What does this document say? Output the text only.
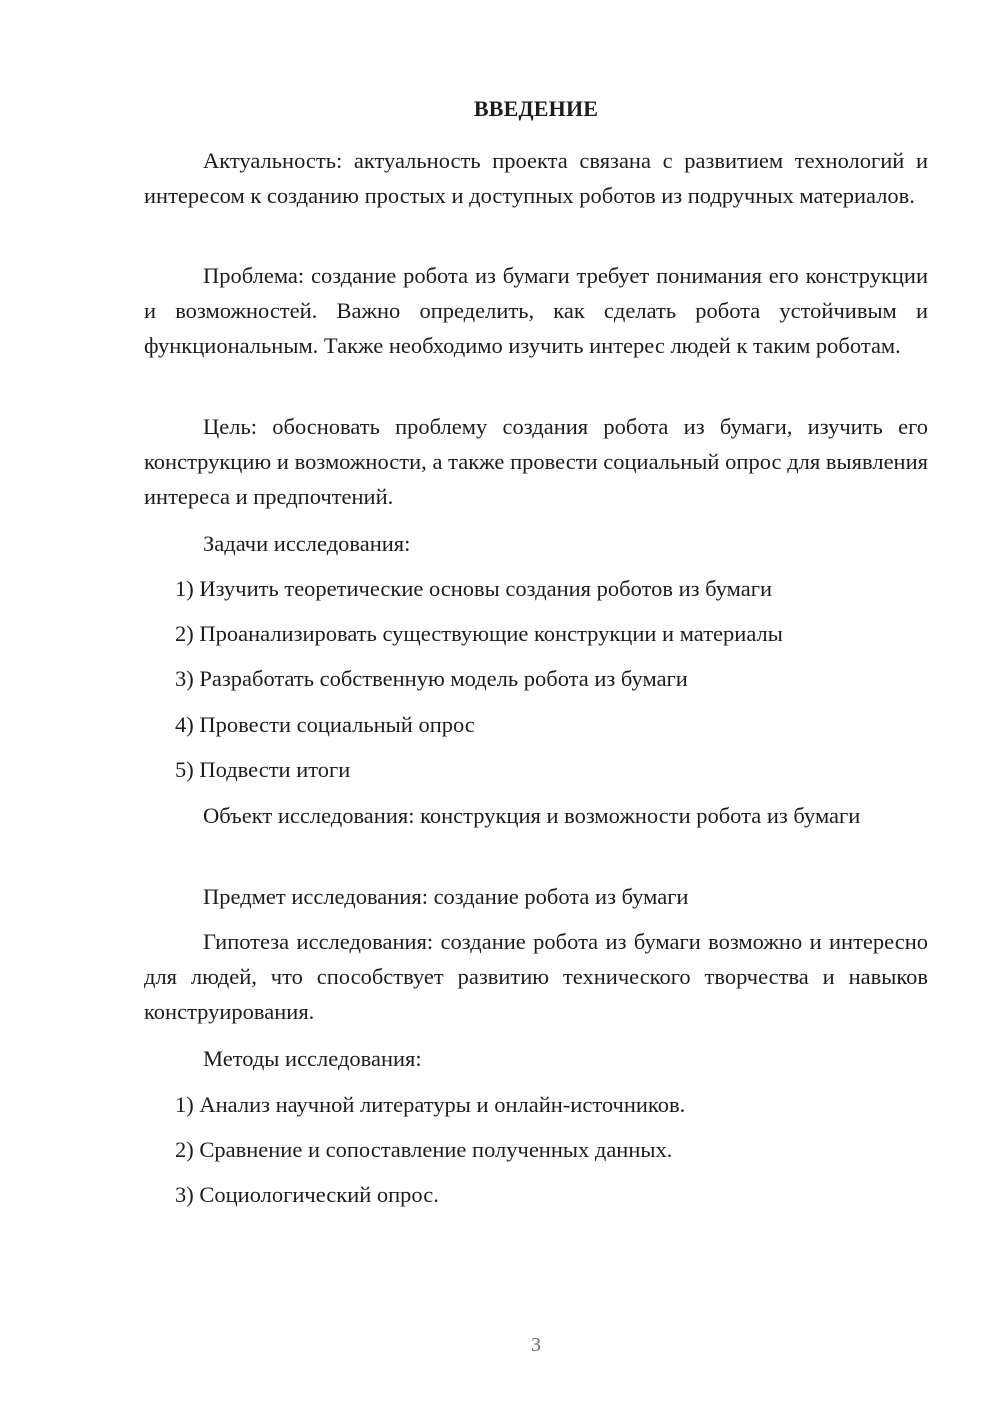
ВВЕДЕНИЕ
Актуальность: актуальность проекта связана с развитием технологий и интересом к созданию простых и доступных роботов из подручных материалов.
Проблема: создание робота из бумаги требует понимания его конструкции и возможностей. Важно определить, как сделать робота устойчивым и функциональным. Также необходимо изучить интерес людей к таким роботам.
Цель: обосновать проблему создания робота из бумаги, изучить его конструкцию и возможности, а также провести социальный опрос для выявления интереса и предпочтений.
Задачи исследования:
1) Изучить теоретические основы создания роботов из бумаги
2) Проанализировать существующие конструкции и материалы
3) Разработать собственную модель робота из бумаги
4) Провести социальный опрос
5) Подвести итоги
Объект исследования: конструкция и возможности робота из бумаги
Предмет исследования: создание робота из бумаги
Гипотеза исследования: создание робота из бумаги возможно и интересно для людей, что способствует развитию технического творчества и навыков конструирования.
Методы исследования:
1) Анализ научной литературы и онлайн-источников.
2) Сравнение и сопоставление полученных данных.
3) Социологический опрос.
3
